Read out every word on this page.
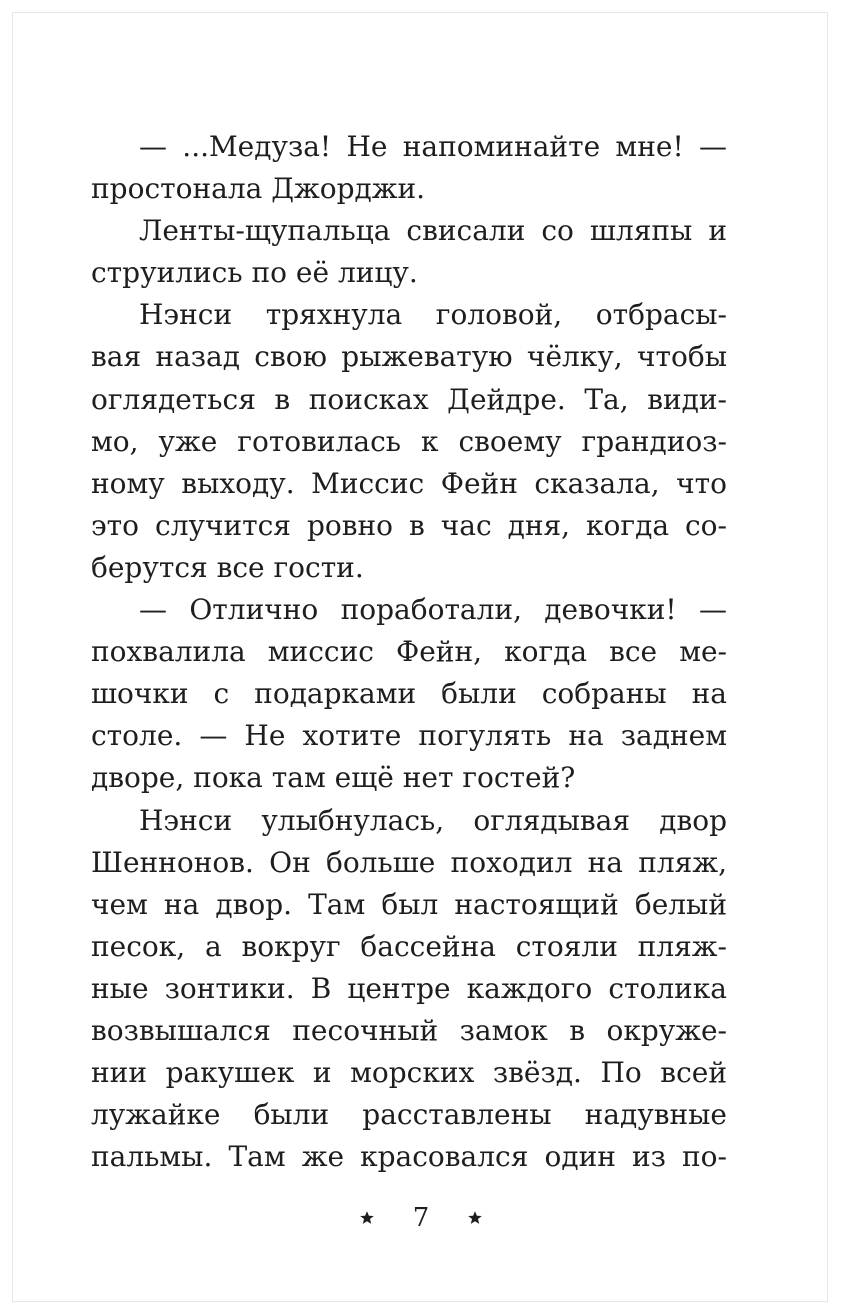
— ...Медуза! Не напоминайте мне! —
простонала Джорджи.
Ленты-щупальца свисали со шляпы и
струились по её лицу.
Нэнси тряхнула головой, отбрасы-
вая назад свою рыжеватую чёлку, чтобы
оглядеться в поисках Дейдре. Та, види-
мо, уже готовилась к своему грандиоз-
ному выходу. Миссис Фейн сказала, что
это случится ровно в час дня, когда со-
берутся все гости.
— Отлично поработали, девочки! —
похвалила миссис Фейн, когда все ме-
шочки с подарками были собраны на
столе. — Не хотите погулять на заднем
дворе, пока там ещё нет гостей?
Нэнси улыбнулась, оглядывая двор
Шеннонов. Он больше походил на пляж,
чем на двор. Там был настоящий белый
песок, а вокруг бассейна стояли пляж-
ные зонтики. В центре каждого столика
возвышался песочный замок в окруже-
нии ракушек и морских звёзд. По всей
лужайке были расставлены надувные
пальмы. Там же красовался один из по-
7
